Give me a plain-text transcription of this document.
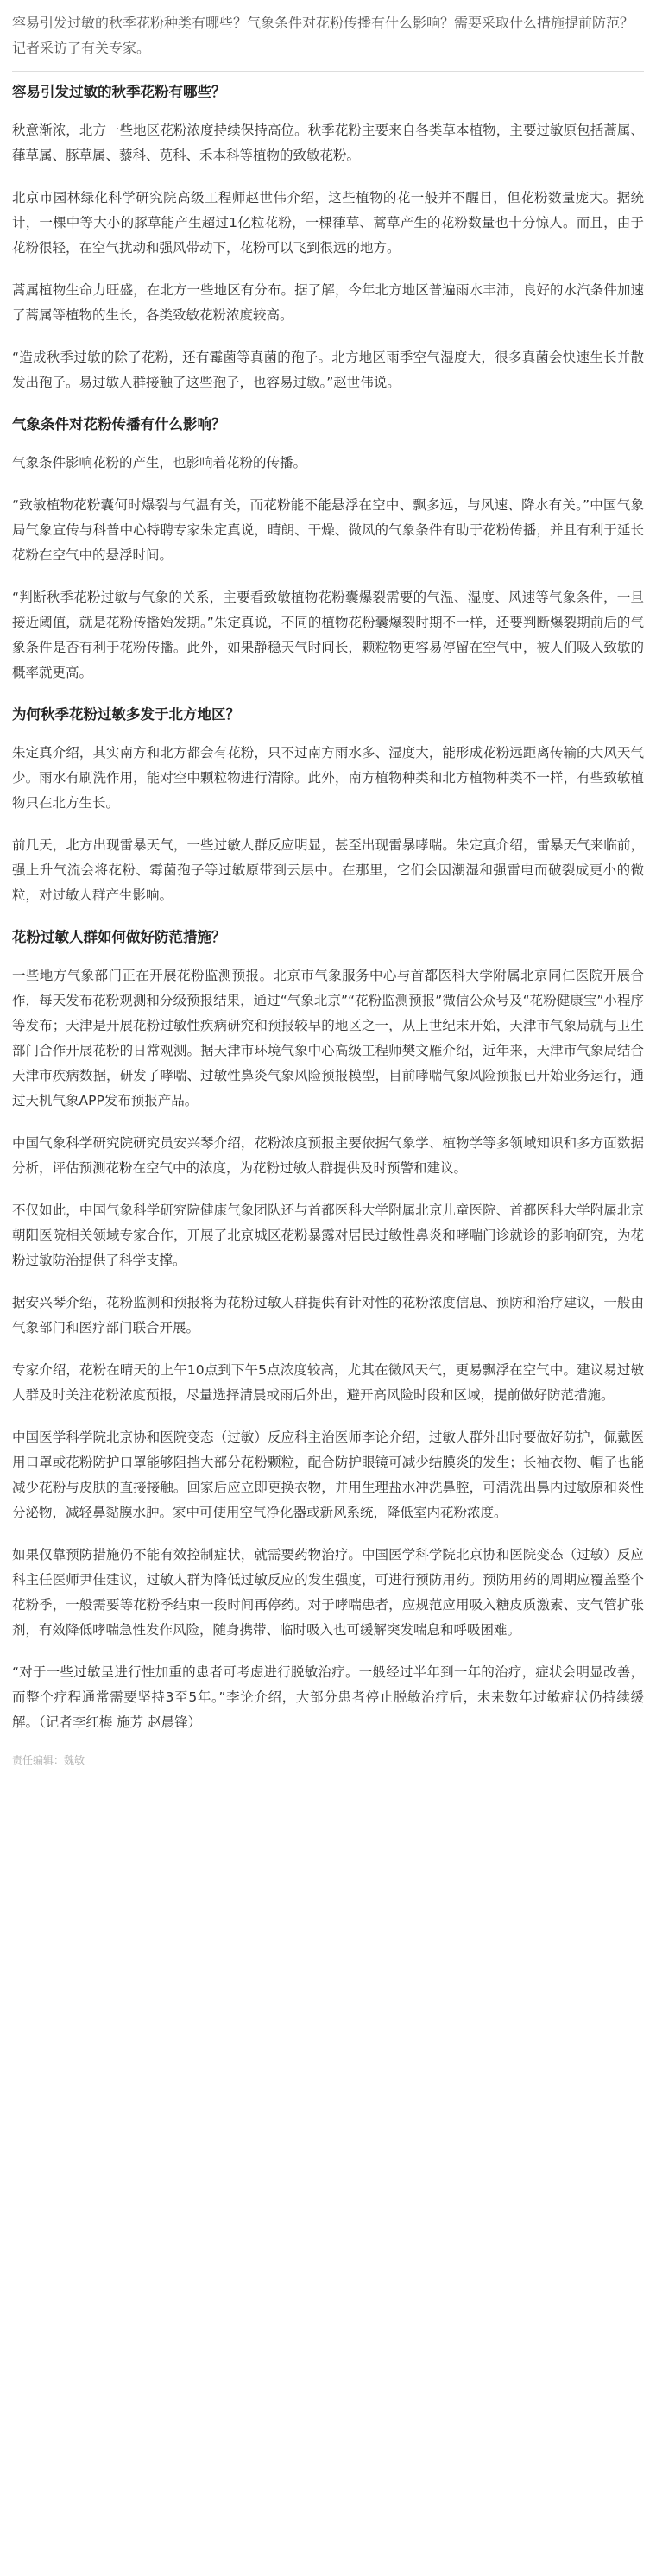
容易引发过敏的秋季花粉种类有哪些？气象条件对花粉传播有什么影响？需要采取什么措施提前防范？记者采访了有关专家。

容易引发过敏的秋季花粉有哪些？

秋意渐浓，北方一些地区花粉浓度持续保持高位。秋季花粉主要来自各类草本植物，主要过敏原包括蒿属、葎草属、豚草属、藜科、苋科、禾本科等植物的致敏花粉。

北京市园林绿化科学研究院高级工程师赵世伟介绍，这些植物的花一般并不醒目，但花粉数量庞大。据统计，一棵中等大小的豚草能产生超过1亿粒花粉，一棵葎草、蒿草产生的花粉数量也十分惊人。而且，由于花粉很轻，在空气扰动和强风带动下，花粉可以飞到很远的地方。

蒿属植物生命力旺盛，在北方一些地区有分布。据了解，今年北方地区普遍雨水丰沛，良好的水汽条件加速了蒿属等植物的生长，各类致敏花粉浓度较高。

“造成秋季过敏的除了花粉，还有霉菌等真菌的孢子。北方地区雨季空气湿度大，很多真菌会快速生长并散发出孢子。易过敏人群接触了这些孢子，也容易过敏。”赵世伟说。

气象条件对花粉传播有什么影响？

气象条件影响花粉的产生，也影响着花粉的传播。

“致敏植物花粉囊何时爆裂与气温有关，而花粉能不能悬浮在空中、飘多远，与风速、降水有关。”中国气象局气象宣传与科普中心特聘专家朱定真说，晴朗、干燥、微风的气象条件有助于花粉传播，并且有利于延长花粉在空气中的悬浮时间。

“判断秋季花粉过敏与气象的关系，主要看致敏植物花粉囊爆裂需要的气温、湿度、风速等气象条件，一旦接近阈值，就是花粉传播始发期。”朱定真说，不同的植物花粉囊爆裂时期不一样，还要判断爆裂期前后的气象条件是否有利于花粉传播。此外，如果静稳天气时间长，颗粒物更容易停留在空气中，被人们吸入致敏的概率就更高。

为何秋季花粉过敏多发于北方地区？

朱定真介绍，其实南方和北方都会有花粉，只不过南方雨水多、湿度大，能形成花粉远距离传输的大风天气少。雨水有刷洗作用，能对空中颗粒物进行清除。此外，南方植物种类和北方植物种类不一样，有些致敏植物只在北方生长。

前几天，北方出现雷暴天气，一些过敏人群反应明显，甚至出现雷暴哮喘。朱定真介绍，雷暴天气来临前，强上升气流会将花粉、霉菌孢子等过敏原带到云层中。在那里，它们会因潮湿和强雷电而破裂成更小的微粒，对过敏人群产生影响。

花粉过敏人群如何做好防范措施？

一些地方气象部门正在开展花粉监测预报。北京市气象服务中心与首都医科大学附属北京同仁医院开展合作，每天发布花粉观测和分级预报结果，通过“气象北京”“花粉监测预报”微信公众号及“花粉健康宝”小程序等发布；天津是开展花粉过敏性疾病研究和预报较早的地区之一，从上世纪末开始，天津市气象局就与卫生部门合作开展花粉的日常观测。据天津市环境气象中心高级工程师樊文雁介绍，近年来，天津市气象局结合天津市疾病数据，研发了哮喘、过敏性鼻炎气象风险预报模型，目前哮喘气象风险预报已开始业务运行，通过天机气象APP发布预报产品。

中国气象科学研究院研究员安兴琴介绍，花粉浓度预报主要依据气象学、植物学等多领域知识和多方面数据分析，评估预测花粉在空气中的浓度，为花粉过敏人群提供及时预警和建议。

不仅如此，中国气象科学研究院健康气象团队还与首都医科大学附属北京儿童医院、首都医科大学附属北京朝阳医院相关领域专家合作，开展了北京城区花粉暴露对居民过敏性鼻炎和哮喘门诊就诊的影响研究，为花粉过敏防治提供了科学支撑。

据安兴琴介绍，花粉监测和预报将为花粉过敏人群提供有针对性的花粉浓度信息、预防和治疗建议，一般由气象部门和医疗部门联合开展。

专家介绍，花粉在晴天的上午10点到下午5点浓度较高，尤其在微风天气，更易飘浮在空气中。建议易过敏人群及时关注花粉浓度预报，尽量选择清晨或雨后外出，避开高风险时段和区域，提前做好防范措施。

中国医学科学院北京协和医院变态（过敏）反应科主治医师李论介绍，过敏人群外出时要做好防护，佩戴医用口罩或花粉防护口罩能够阻挡大部分花粉颗粒，配合防护眼镜可减少结膜炎的发生；长袖衣物、帽子也能减少花粉与皮肤的直接接触。回家后应立即更换衣物，并用生理盐水冲洗鼻腔，可清洗出鼻内过敏原和炎性分泌物，减轻鼻黏膜水肿。家中可使用空气净化器或新风系统，降低室内花粉浓度。

如果仅靠预防措施仍不能有效控制症状，就需要药物治疗。中国医学科学院北京协和医院变态（过敏）反应科主任医师尹佳建议，过敏人群为降低过敏反应的发生强度，可进行预防用药。预防用药的周期应覆盖整个花粉季，一般需要等花粉季结束一段时间再停药。对于哮喘患者，应规范应用吸入糖皮质激素、支气管扩张剂，有效降低哮喘急性发作风险，随身携带、临时吸入也可缓解突发喘息和呼吸困难。

“对于一些过敏呈进行性加重的患者可考虑进行脱敏治疗。一般经过半年到一年的治疗，症状会明显改善，而整个疗程通常需要坚持3至5年。”李论介绍，大部分患者停止脱敏治疗后，未来数年过敏症状仍持续缓解。（记者李红梅 施芳 赵晨锋）

责任编辑：魏敏
